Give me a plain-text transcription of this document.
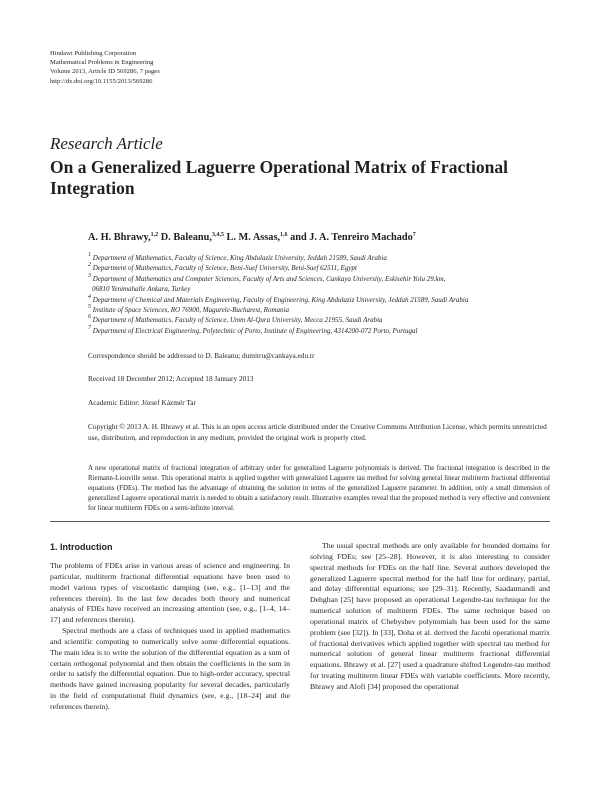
Hindawi Publishing Corporation
Mathematical Problems in Engineering
Volume 2013, Article ID 569286, 7 pages
http://dx.doi.org/10.1155/2013/569286
Research Article
On a Generalized Laguerre Operational Matrix of Fractional Integration
A. H. Bhrawy,$^{1,2}$ D. Baleanu,$^{3,4,5}$ L. M. Assas,$^{1,6}$ and J. A. Tenreiro Machado$^7$
$^1$ Department of Mathematics, Faculty of Science, King Abdulaziz University, Jeddah 21589, Saudi Arabia
$^2$ Department of Mathematics, Faculty of Science, Beni-Suef University, Beni-Suef 62511, Egypt
$^3$ Department of Mathematics and Computer Sciences, Faculty of Arts and Sciences, Cankaya University, Eskisehir Yolu 29.km,
06810 Yenimahalle Ankara, Turkey
$^4$ Department of Chemical and Materials Engineering, Faculty of Engineering, King Abdulaziz University, Jeddah 21589, Saudi Arabia
$^5$ Institute of Space Sciences, RO 76900, Magurele-Bucharest, Romania
$^6$ Department of Mathematics, Faculty of Science, Umm Al-Qura University, Mecca 21955, Saudi Arabia
$^7$ Department of Electrical Engineering, Polytechnic of Porto, Institute of Engineering, 4314200-072 Porto, Portugal
Correspondence should be addressed to D. Baleanu; dumitru@cankaya.edu.tr
Received 18 December 2012; Accepted 18 January 2013
Academic Editor: József Kázmér Tar
Copyright © 2013 A. H. Bhrawy et al. This is an open access article distributed under the Creative Commons Attribution License, which permits unrestricted use, distribution, and reproduction in any medium, provided the original work is properly cited.
A new operational matrix of fractional integration of arbitrary order for generalized Laguerre polynomials is derived. The fractional integration is described in the Riemann-Liouville sense. This operational matrix is applied together with generalized Laguerre tau method for solving general linear multiterm fractional differential equations (FDEs). The method has the advantage of obtaining the solution in terms of the generalized Laguerre parameter. In addition, only a small dimension of generalized Laguerre operational matrix is needed to obtain a satisfactory result. Illustrative examples reveal that the proposed method is very effective and convenient for linear multiterm FDEs on a semi-infinite interval.
1. Introduction

The problems of FDEs arise in various areas of science and engineering. In particular, multiterm fractional differential equations have been used to model various types of viscoelastic damping (see, e.g., [1–13] and the references therein). In the last few decades both theory and numerical analysis of FDEs have received an increasing attention (see, e.g., [1–4, 14–17] and references therein).

Spectral methods are a class of techniques used in applied mathematics and scientific computing to numerically solve some differential equations. The main idea is to write the solution of the differential equation as a sum of certain orthogonal polynomial and then obtain the coefficients in the sum in order to satisfy the differential equation. Due to high-order accuracy, spectral methods have gained increasing popularity for several decades, particularly in the field of computational fluid dynamics (see, e.g., [18–24] and the references therein).

The usual spectral methods are only available for bounded domains for solving FDEs; see [25–28]. However, it is also interesting to consider spectral methods for FDEs on the half line. Several authors developed the generalized Laguerre spectral method for the half line for ordinary, partial, and delay differential equations; see [29–31]. Recently, Saadatmandi and Dehghan [25] have proposed an operational Legendre-tau technique for the numerical solution of multiterm FDEs. The same technique based on operational matrix of Chebyshev polynomials has been used for the same problem (see [32]). In [33], Doha et al. derived the Jacobi operational matrix of fractional derivatives which applied together with spectral tau method for numerical solution of general linear multiterm fractional differential equations. Bhrawy et al. [27] used a quadrature shifted Legendre-tau method for treating multiterm linear FDEs with variable coefficients. More recently, Bhrawy and Alofi [34] proposed the operational
